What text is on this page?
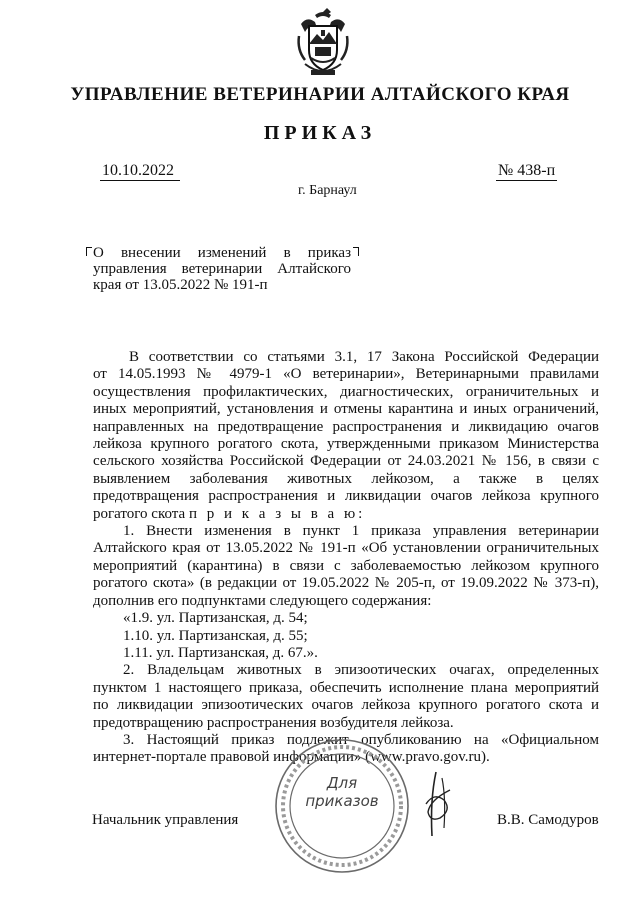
УПРАВЛЕНИЕ ВЕТЕРИНАРИИ АЛТАЙСКОГО КРАЯ
ПРИКАЗ
10.10.2022	№ 438-п
г. Барнаул
О внесении изменений в приказ
управления ветеринарии Алтайского
края от 13.05.2022 № 191-п
В соответствии со статьями 3.1, 17 Закона Российской Федерации
от 14.05.1993 № 4979-1 «О ветеринарии», Ветеринарными правилами
осуществления профилактических, диагностических, ограничительных и
иных мероприятий, установления и отмены карантина и иных ограничений,
направленных на предотвращение распространения и ликвидацию очагов
лейкоза крупного рогатого скота, утвержденными приказом Министерства
сельского хозяйства Российской Федерации от 24.03.2021 № 156, в связи с
выявлением заболевания животных лейкозом, а также в целях
предотвращения распространения и ликвидации очагов лейкоза крупного
рогатого скота п р и к а з ы в а ю:
1. Внести изменения в пункт 1 приказа управления ветеринарии
Алтайского края от 13.05.2022 № 191-п «Об установлении ограничительных
мероприятий (карантина) в связи с заболеваемостью лейкозом крупного
рогатого скота» (в редакции от 19.05.2022 № 205-п, от 19.09.2022 № 373-п),
дополнив его подпунктами следующего содержания:
«1.9. ул. Партизанская, д. 54;
1.10. ул. Партизанская, д. 55;
1.11. ул. Партизанская, д. 67.».
2. Владельцам животных в эпизоотических очагах, определенных
пунктом 1 настоящего приказа, обеспечить исполнение плана мероприятий
по ликвидации эпизоотических очагов лейкоза крупного рогатого скота и
предотвращению распространения возбудителя лейкоза.
3. Настоящий приказ подлежит опубликованию на «Официальном
интернет-портале правовой информации» (www.pravo.gov.ru).
Для
приказов
Начальник управления	В.В. Самодуров
